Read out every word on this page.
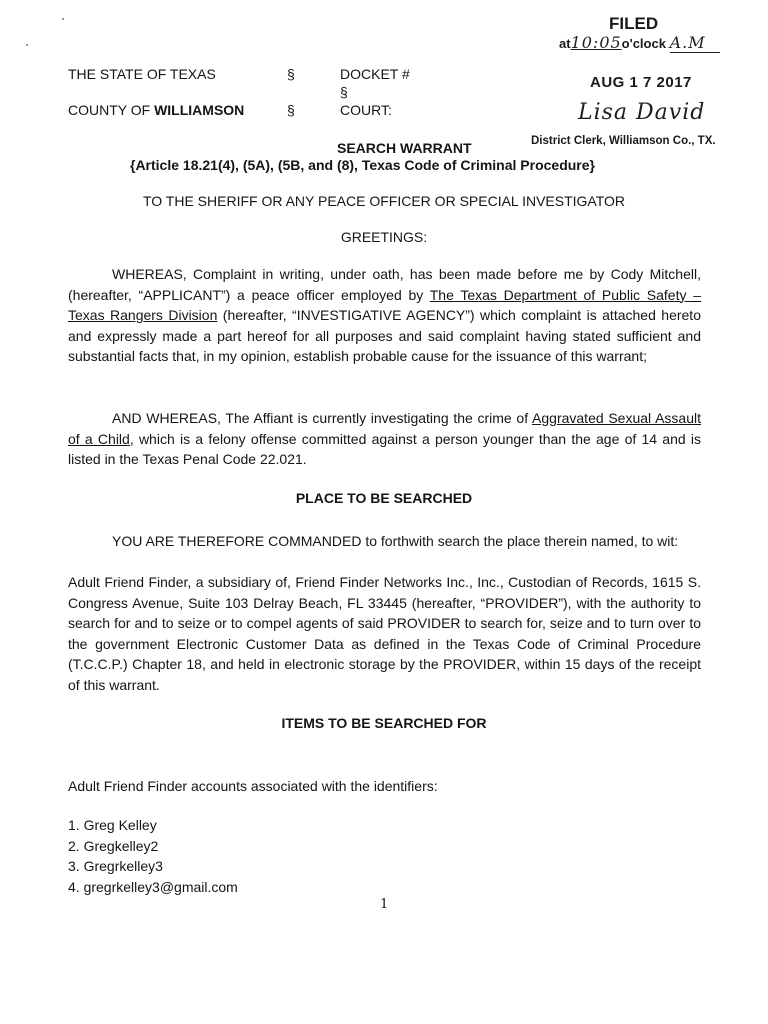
FILED
at10:05o'clock A.M
AUG 1 7 2017
Lisa David
District Clerk, Williamson Co., TX.
THE STATE OF TEXAS	§	DOCKET #
§
COUNTY OF WILLIAMSON	§	COURT:
SEARCH WARRANT
{Article 18.21(4), (5A), (5B, and (8), Texas Code of Criminal Procedure}
TO THE SHERIFF OR ANY PEACE OFFICER OR SPECIAL INVESTIGATOR
GREETINGS:
WHEREAS, Complaint in writing, under oath, has been made before me by Cody Mitchell, (hereafter, “APPLICANT”) a peace officer employed by The Texas Department of Public Safety – Texas Rangers Division (hereafter, “INVESTIGATIVE AGENCY”) which complaint is attached hereto and expressly made a part hereof for all purposes and said complaint having stated sufficient and substantial facts that, in my opinion, establish probable cause for the issuance of this warrant;
AND WHEREAS, The Affiant is currently investigating the crime of Aggravated Sexual Assault of a Child, which is a felony offense committed against a person younger than the age of 14 and is listed in the Texas Penal Code 22.021.
PLACE TO BE SEARCHED
YOU ARE THEREFORE COMMANDED to forthwith search the place therein named, to wit:
Adult Friend Finder, a subsidiary of, Friend Finder Networks Inc., Inc., Custodian of Records, 1615 S. Congress Avenue, Suite 103 Delray Beach, FL 33445 (hereafter, “PROVIDER”), with the authority to search for and to seize or to compel agents of said PROVIDER to search for, seize and to turn over to the government Electronic Customer Data as defined in the Texas Code of Criminal Procedure (T.C.C.P.) Chapter 18, and held in electronic storage by the PROVIDER, within 15 days of the receipt of this warrant.
ITEMS TO BE SEARCHED FOR
Adult Friend Finder accounts associated with the identifiers:
1. Greg Kelley
2. Gregkelley2
3. Gregrkelley3
4. gregrkelley3@gmail.com
1
